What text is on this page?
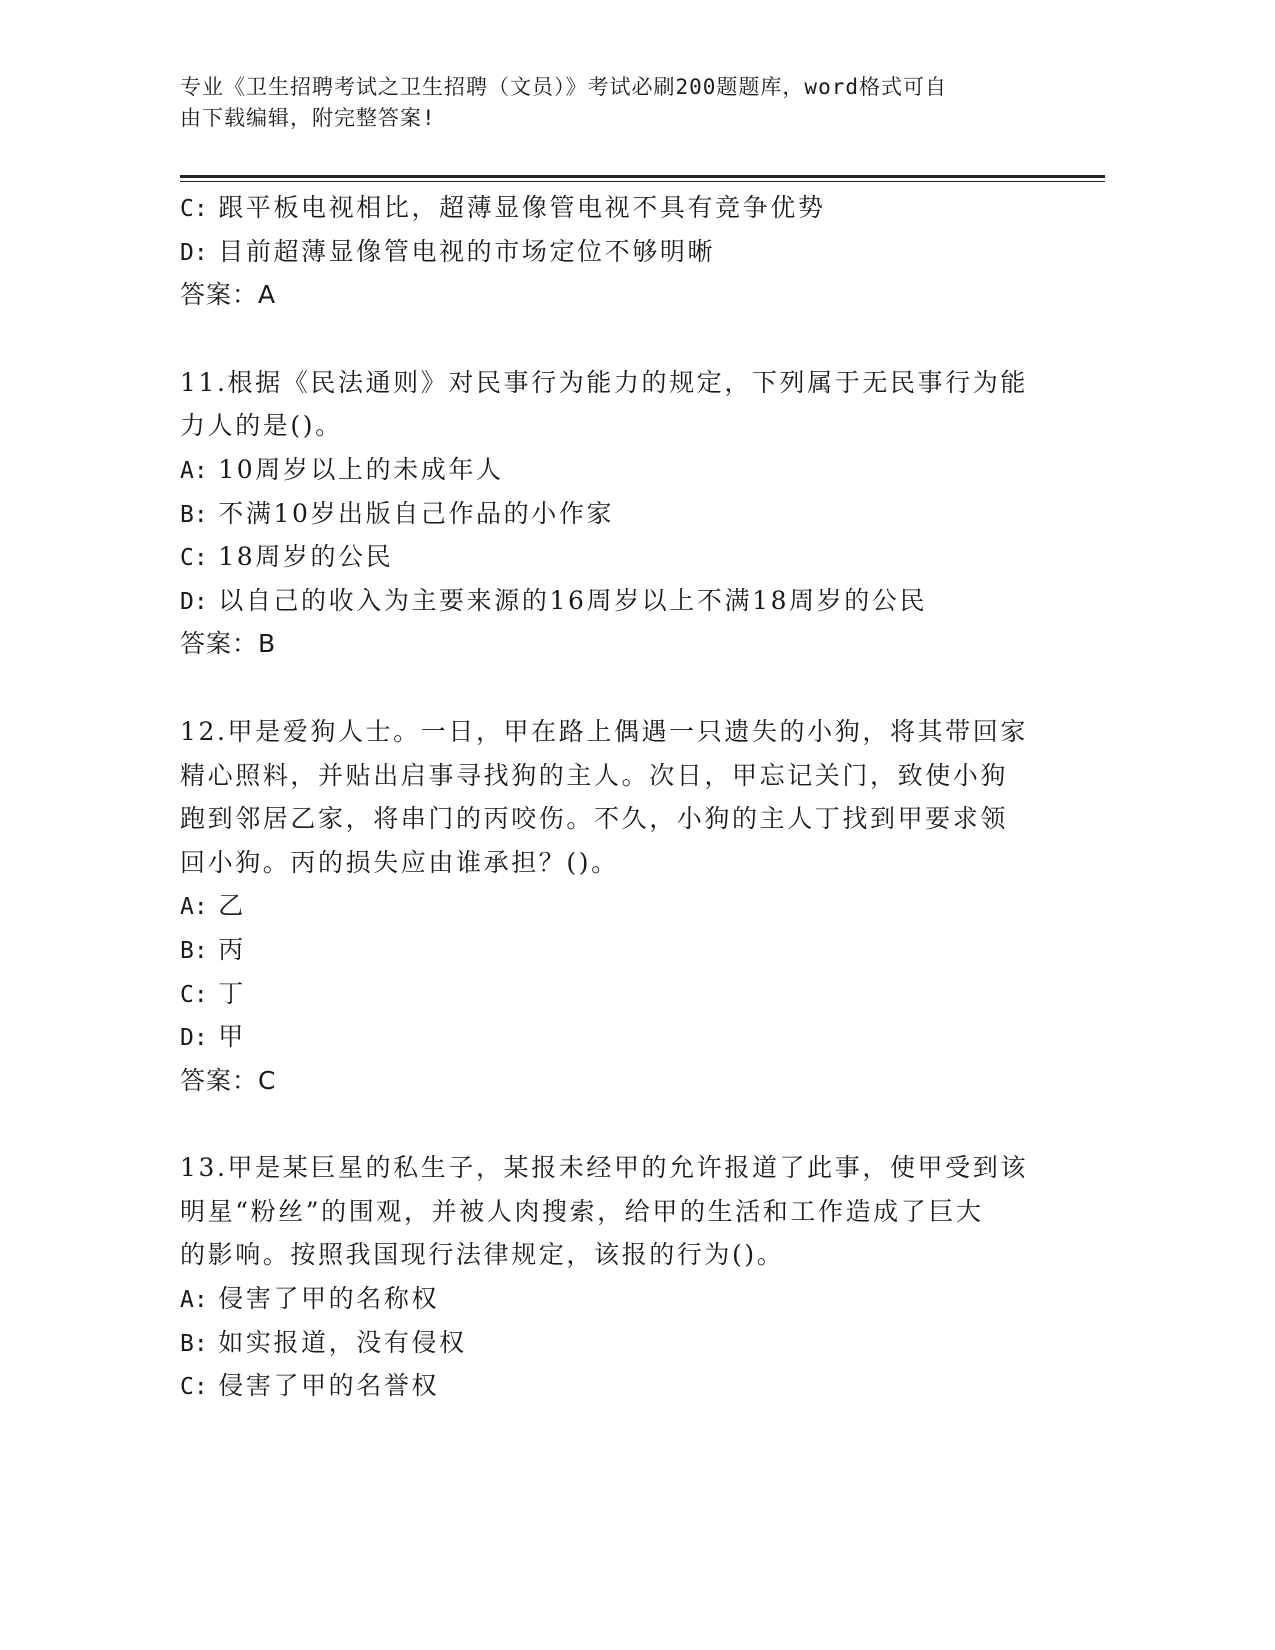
专业《卫生招聘考试之卫生招聘（文员）》考试必刷200题题库，word格式可自
由下载编辑，附完整答案!
C: 跟平板电视相比，超薄显像管电视不具有竞争优势
D: 目前超薄显像管电视的市场定位不够明晰
答案：A
11.根据《民法通则》对民事行为能力的规定，下列属于无民事行为能
力人的是()。
A: 10周岁以上的未成年人
B: 不满10岁出版自己作品的小作家
C: 18周岁的公民
D: 以自己的收入为主要来源的16周岁以上不满18周岁的公民
答案：B
12.甲是爱狗人士。一日，甲在路上偶遇一只遗失的小狗，将其带回家
精心照料，并贴出启事寻找狗的主人。次日，甲忘记关门，致使小狗
跑到邻居乙家，将串门的丙咬伤。不久，小狗的主人丁找到甲要求领
回小狗。丙的损失应由谁承担？()。
A: 乙
B: 丙
C: 丁
D: 甲
答案：C
13.甲是某巨星的私生子，某报未经甲的允许报道了此事，使甲受到该
明星“粉丝”的围观，并被人肉搜索，给甲的生活和工作造成了巨大
的影响。按照我国现行法律规定，该报的行为()。
A: 侵害了甲的名称权
B: 如实报道，没有侵权
C: 侵害了甲的名誉权
